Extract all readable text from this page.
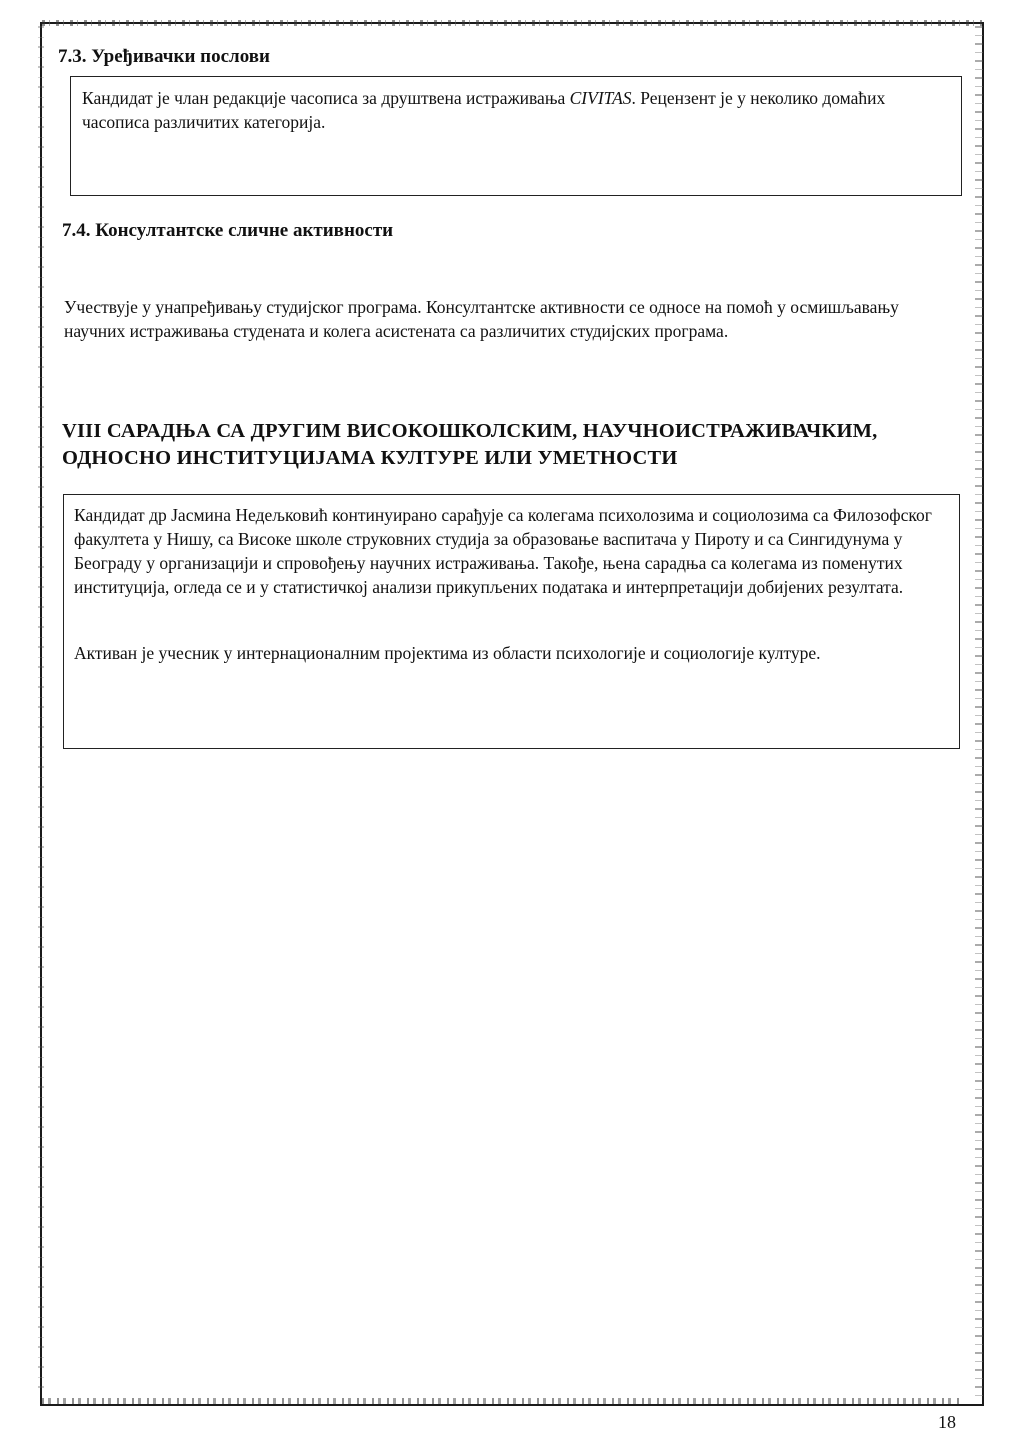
7.3. Уређивачки послови
Кандидат је члан редакције часописа за друштвена истраживања CIVITAS. Рецензент је у неколико домаћих часописа различитих категорија.
7.4. Консултантске сличне активности
Учествује у унапређивању студијског програма. Консултантске активности се односе на помоћ у осмишљавању научних истраживања студената и колега асистената са различитих студијских програма.
VIII САРАДЊА СА ДРУГИМ ВИСОКОШКОЛСКИМ, НАУЧНОИСТРАЖИВАЧКИМ, ОДНОСНО ИНСТИТУЦИЈАМА КУЛТУРЕ ИЛИ УМЕТНОСТИ
Кандидат др Јасмина Недељковић континуирано сарађује са колегама психолозима и социолозима са Филозофског факултета у Нишу, са Високе школе струковних студија за образовање васпитача у Пироту и са Сингидунума у Београду у организацији и спровођењу научних истраживања. Такође, њена сарадња са колегама из поменутих институција, огледа се и у статистичкој анализи прикупљених података и интерпретацији добијених резултата.
Активан је учесник у интернационалним пројектима из области психологије и социологије културе.
18
